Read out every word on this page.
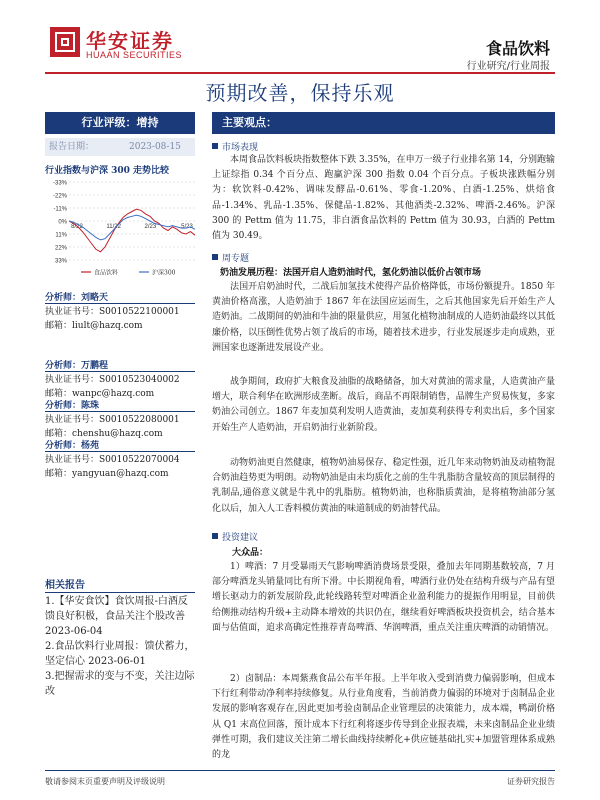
华安证券
HUAAN SECURITIES	食品饮料
行业研究/行业周报
预期改善，保持乐观
行业评级：增持
报告日期：	2023-08-15
行业指数与沪深 300 走势比较
-33%
-22%
-11%
0%
11%
22%
33%
8/22	11/22	2/23	5/23
食品饮料	沪深300
分析师：刘略天
执业证书号：S0010522100001
邮箱：liult@hazq.com
分析师：万鹏程
执业证书号：S0010523040002
邮箱：wanpc@hazq.com
分析师：陈珠
执业证书号：S0010522080001
邮箱：chenshu@hazq.com
分析师：杨苑
执业证书号：S0010522070004
邮箱：yangyuan@hazq.com
相关报告
1.【华安食饮】食饮周报-白酒反馈良好积极，食品关注个股改善 2023-06-04
2.食品饮料行业周报：馈伏蓄力，坚定信心 2023-06-01
3.把握需求的变与不变，关注边际改
主要观点：
市场表现
本周食品饮料板块指数整体下跌 3.35%，在申万一级子行业排名第 14，分别跑输上证综指 0.34 个百分点、跑赢沪深 300 指数 0.04 个百分点。子板块涨跌幅分别为：软饮料-0.42%、调味发酵品-0.61%、零食-1.20%、白酒-1.25%、烘焙食品-1.34%、乳品-1.35%、保健品-1.82%、其他酒类-2.32%、啤酒-2.46%。沪深 300 的 Pettm 值为 11.75，非白酒食品饮料的 Pettm 值为 30.93，白酒的 Pettm 值为 30.49。
周专题
奶油发展历程：法国开启人造奶油时代，氢化奶油以低价占领市场
法国开启奶油时代，二战后加氢技术使得产品价格降低，市场份额提升。1850 年黄油价格高涨，人造奶油于 1867 年在法国应运而生，之后其他国家先后开始生产人造奶油。二战期间的奶油和牛油的限量供应，用氢化植物油制成的人造奶油最终以其低廉价格，以压倒性优势占领了战后的市场，随着技术进步，行业发展逐步走向成熟，亚洲国家也逐渐进发展设产业。
战争期间，政府扩大粮食及油脂的战略储备，加大对黄油的需求量，人造黄油产量增大，联合利华在欧洲形成垄断。战后，商品不再限制销售，品牌生产贸易恢复，多家奶油公司创立。1867 年麦加莫利发明人造黄油，麦加莫利获得专利卖出后，多个国家开始生产人造奶油，开启奶油行业新阶段。
动物奶油更自然健康，植物奶油易保存、稳定性强，近几年来动物奶油及动植物混合奶油趋势更为明朗。动物奶油是由未均质化之前的生牛乳脂肪含量较高的顶层制得的乳制品,通俗意义就是牛乳中的乳脂肪。植物奶油，也称脂质黄油，是将植物油部分氢化以后，加入人工香料模仿黄油的味道制成的奶油替代品。
投资建议
大众品：
1）啤酒：7 月受暴雨天气影响啤酒消费场景受限，叠加去年同期基数较高，7 月部分啤酒龙头销量同比有所下滑。中长期视角看，啤酒行业仍处在结构升级与产品有望增长驱动力的新发展阶段,此轮线路转型对啤酒企业盈利能力的提振作用明显，目前供给侧推动结构升级+主动降本增效的共识仍在，继续看好啤酒板块投资机会，结合基本面与估值面，追求高确定性推荐青岛啤酒、华润啤酒，重点关注重庆啤酒的动销情况。
2）卤制品：本周紫燕食品公布半年报。上半年收入受到消费力偏弱影响，但成本下行红利带动净利率持续修复。从行业角度看，当前消费力偏弱的环境对于卤制品企业发展的影响客观存在,因此更加考验卤制品企业管理层的决策能力，成本端，鸭副价格从 Q1 末高位回落，预计成本下行红利将逐步传导到企业报表端，未来卤制品企业业绩弹性可期，我们建议关注第二增长曲线持续孵化+供应链基础扎实+加盟管理体系成熟的龙
敬请参阅末页重要声明及评级说明	证券研究报告
